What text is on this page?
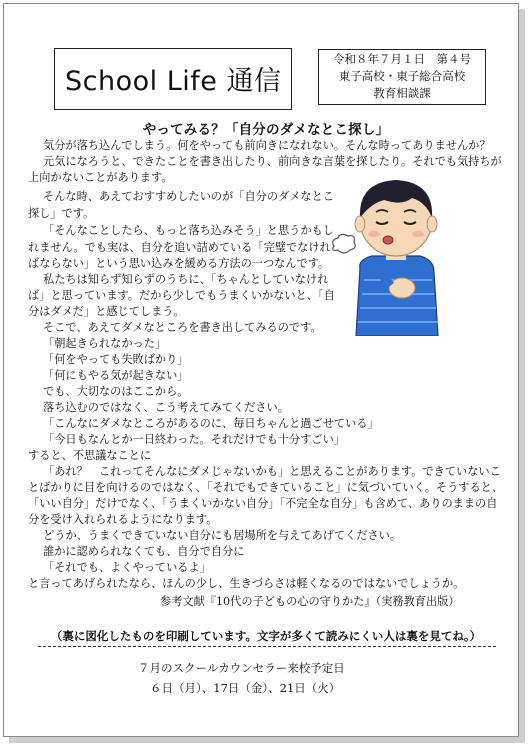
School Life 通信
令和８年７月１日　第４号
東子高校・東子総合高校
教育相談課
やってみる？「自分のダメなとこ探し」
気分が落ち込んでしまう。何をやっても前向きになれない。そんな時ってありませんか？
元気になろうと、できたことを書き出したり、前向きな言葉を探したり。それでも気持ちが
上向かないことがあります。
そんな時、あえておすすめしたいのが「自分のダメなとこ
探し」です。
「そんなことしたら、もっと落ち込みそう」と思うかもし
れません。でも実は、自分を追い詰めている「完璧でなけれ
ばならない」という思い込みを緩める方法の一つなんです。
私たちは知らず知らずのうちに、「ちゃんとしていなけれ
ば」と思っています。だから少しでもうまくいかないと、「自
分はダメだ」と感じてしまう。
そこで、あえてダメなところを書き出してみるのです。
「朝起きられなかった」
「何をやっても失敗ばかり」
「何にもやる気が起きない」
でも、大切なのはここから。
落ち込むのではなく、こう考えてみてください。
「こんなにダメなところがあるのに、毎日ちゃんと過ごせている」
「今日もなんとか一日終わった。それだけでも十分すごい」
すると、不思議なことに
「あれ？　これってそんなにダメじゃないかも」と思えることがあります。できていないこ
とばかりに目を向けるのではなく、「それでもできていること」に気づいていく。そうすると、
「いい自分」だけでなく、「うまくいかない自分」「不完全な自分」も含めて、ありのままの自
分を受け入れられるようになります。
どうか、うまくできていない自分にも居場所を与えてあげてください。
誰かに認められなくても、自分で自分に
「それでも、よくやっているよ」
と言ってあげられたなら、ほんの少し、生きづらさは軽くなるのではないでしょうか。
参考文献『10代の子どもの心の守りかた』（実務教育出版）
（裏に図化したものを印刷しています。文字が多くて読みにくい人は裏を見てね。）
７月のスクールカウンセラー来校予定日
６日（月）、17日（金）、21日（火）
